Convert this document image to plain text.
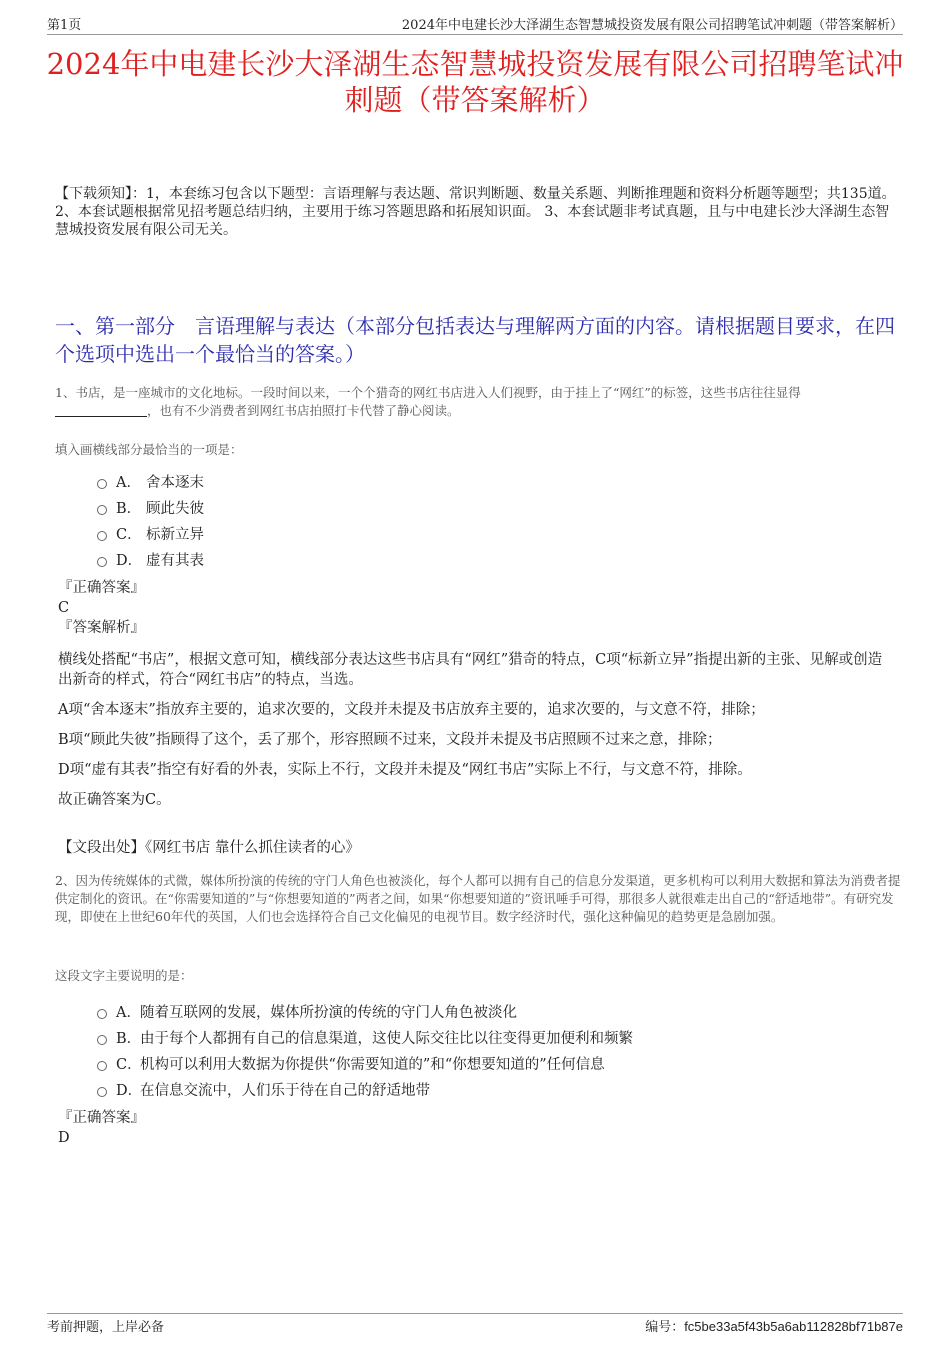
第1页	2024年中电建长沙大泽湖生态智慧城投资发展有限公司招聘笔试冲刺题（带答案解析）
2024年中电建长沙大泽湖生态智慧城投资发展有限公司招聘笔试冲刺题（带答案解析）
【下载须知】：1，本套练习包含以下题型：言语理解与表达题、常识判断题、数量关系题、判断推理题和资料分析题等题型；共135道。 2、本套试题根据常见招考题总结归纳，主要用于练习答题思路和拓展知识面。 3、本套试题非考试真题，且与中电建长沙大泽湖生态智慧城投资发展有限公司无关。
一、第一部分　言语理解与表达（本部分包括表达与理解两方面的内容。请根据题目要求，在四个选项中选出一个最恰当的答案。）
1、书店，是一座城市的文化地标。一段时间以来，一个个猎奇的网红书店进入人们视野，由于挂上了“网红”的标签，这些书店往往显得
，也有不少消费者到网红书店拍照打卡代替了静心阅读。
填入画横线部分最恰当的一项是：
A． 舍本逐末
B． 顾此失彼
C． 标新立异
D． 虚有其表
『正确答案』
C
『答案解析』

横线处搭配“书店”，根据文意可知，横线部分表达这些书店具有“网红”猎奇的特点，C项“标新立异”指提出新的主张、见解或创造出新奇的样式，符合“网红书店”的特点，当选。

A项“舍本逐末”指放弃主要的，追求次要的，文段并未提及书店放弃主要的，追求次要的，与文意不符，排除；

B项“顾此失彼”指顾得了这个，丢了那个，形容照顾不过来，文段并未提及书店照顾不过来之意，排除；

D项“虚有其表”指空有好看的外表，实际上不行，文段并未提及“网红书店”实际上不行，与文意不符，排除。

故正确答案为C。

【文段出处】《网红书店 靠什么抓住读者的心》
2、因为传统媒体的式微，媒体所扮演的传统的守门人角色也被淡化，每个人都可以拥有自己的信息分发渠道，更多机构可以利用大数据和算法为消费者提供定制化的资讯。在“你需要知道的”与“你想要知道的”两者之间，如果“你想要知道的”资讯唾手可得，那很多人就很难走出自己的“舒适地带”。有研究发现，即使在上世纪60年代的英国，人们也会选择符合自己文化偏见的电视节目。数字经济时代，强化这种偏见的趋势更是急剧加强。
这段文字主要说明的是：
A． 随着互联网的发展，媒体所扮演的传统的守门人角色被淡化
B．
由于每个人都拥有自己的信息渠道，这使人际交往比以往变得更加便利和频繁
C．
机构可以利用大数据为你提供“你需要知道的”和“你想要知道的”任何信息
D．
在信息交流中，人们乐于待在自己的舒适地带
『正确答案』
D
考前押题，上岸必备	编号：fc5be33a5f43b5a6ab112828bf71b87e
